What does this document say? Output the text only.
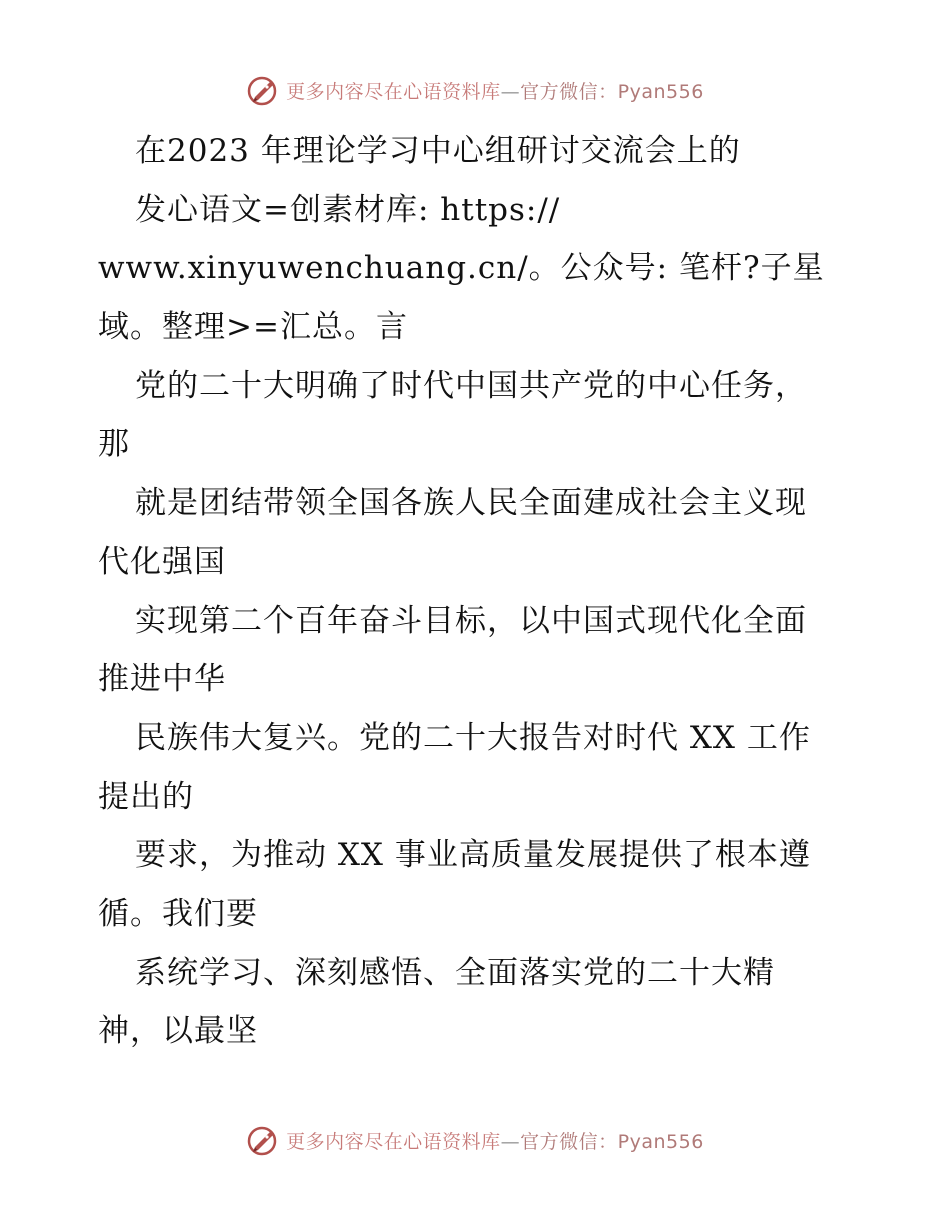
更多内容尽在心语资料库—官方微信：Pyan556
在2023 年理论学习中心组研讨交流会上的
发心语文=创素材库: https://
www.xinyuwenchuang.cn/。公众号: 笔杆?子星
域。整理>=汇总。言
党的二十大明确了时代中国共产党的中心任务，
那
就是团结带领全国各族人民全面建成社会主义现
代化强国
实现第二个百年奋斗目标，以中国式现代化全面
推进中华
民族伟大复兴。党的二十大报告对时代 XX 工作
提出的
要求，为推动 XX 事业高质量发展提供了根本遵
循。我们要
系统学习、深刻感悟、全面落实党的二十大精
神，以最坚
更多内容尽在心语资料库—官方微信：Pyan556
